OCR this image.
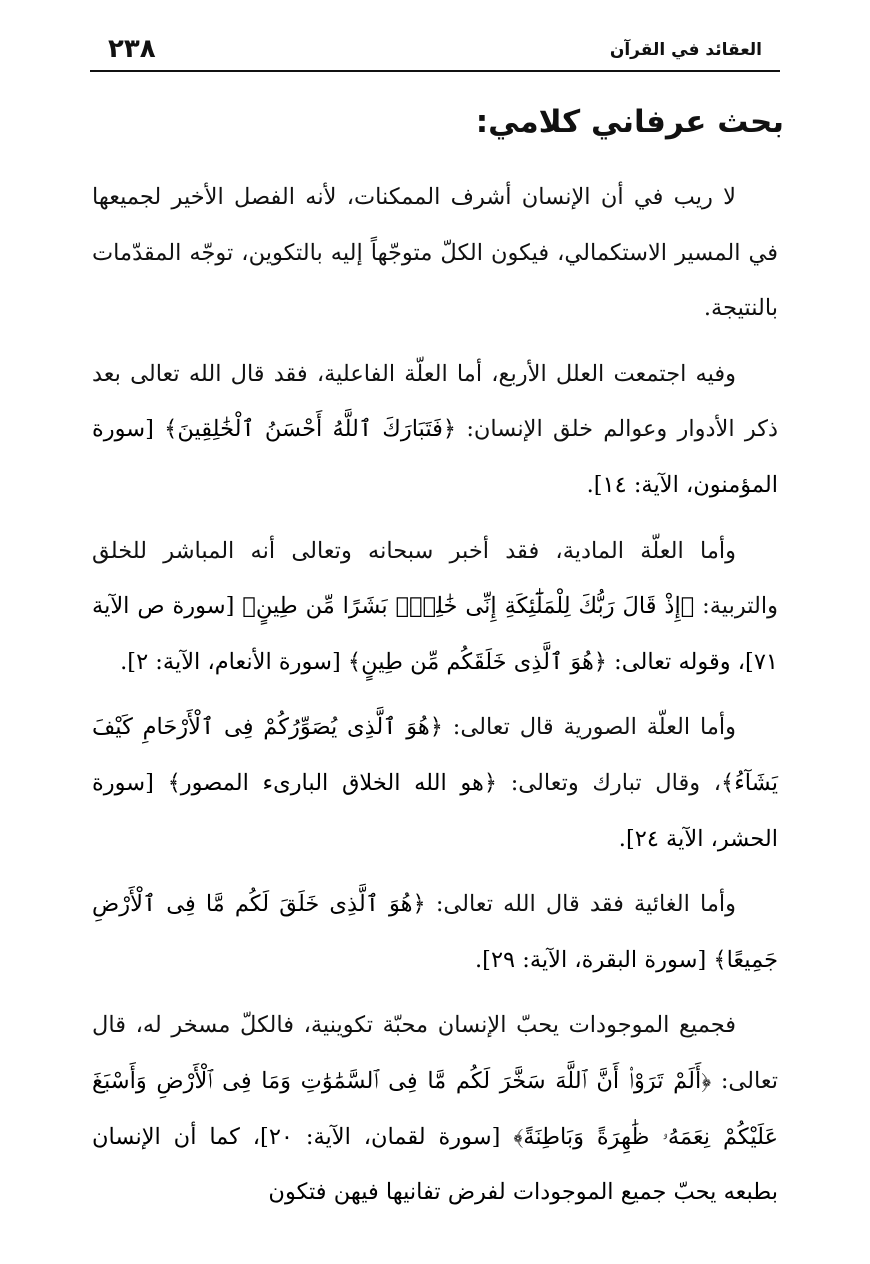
٢٣٨	العقائد في القرآن
بحث عرفاني كلامي:

لا ريب في أن الإنسان أشرف الممكنات، لأنه الفصل الأخير لجميعها في المسير الاستكمالي، فيكون الكلّ متوجّهاً إليه بالتكوين، توجّه المقدّمات بالنتيجة.

وفيه اجتمعت العلل الأربع، أما العلّة الفاعلية، فقد قال الله تعالى بعد ذكر الأدوار وعوالم خلق الإنسان: ﴿فَتَبَارَكَ ٱللَّهُ أَحْسَنُ ٱلْخَٰلِقِينَ﴾ [سورة المؤمنون، الآية: ١٤].

وأما العلّة المادية، فقد أخبر سبحانه وتعالى أنه المباشر للخلق والتربية: ﴿إِذْ قَالَ رَبُّكَ لِلْمَلَٰٓئِكَةِ إِنِّى خَٰلِقٌۢ بَشَرًا مِّن طِينٍ﴾ [سورة ص الآية ٧١]، وقوله تعالى: ﴿هُوَ ٱلَّذِى خَلَقَكُم مِّن طِينٍ﴾ [سورة الأنعام، الآية: ٢].

وأما العلّة الصورية قال تعالى: ﴿هُوَ ٱلَّذِى يُصَوِّرُكُمْ فِى ٱلْأَرْحَامِ كَيْفَ يَشَآءُ﴾، وقال تبارك وتعالى: ﴿هو الله الخلاق البارىء المصور﴾ [سورة الحشر، الآية ٢٤].

وأما الغائية فقد قال الله تعالى: ﴿هُوَ ٱلَّذِى خَلَقَ لَكُم مَّا فِى ٱلْأَرْضِ جَمِيعًا﴾ [سورة البقرة، الآية: ٢٩].

فجميع الموجودات يحبّ الإنسان محبّة تكوينية، فالكلّ مسخر له، قال تعالى: ﴿أَلَمْ تَرَوْا۟ أَنَّ ٱللَّهَ سَخَّرَ لَكُم مَّا فِى ٱلسَّمَٰوَٰتِ وَمَا فِى ٱلْأَرْضِ وَأَسْبَغَ عَلَيْكُمْ نِعَمَهُۥ ظَٰهِرَةً وَبَاطِنَةً﴾ [سورة لقمان، الآية: ٢٠]، كما أن الإنسان بطبعه يحبّ جميع الموجودات لفرض تفانيها فيهن فتكون
